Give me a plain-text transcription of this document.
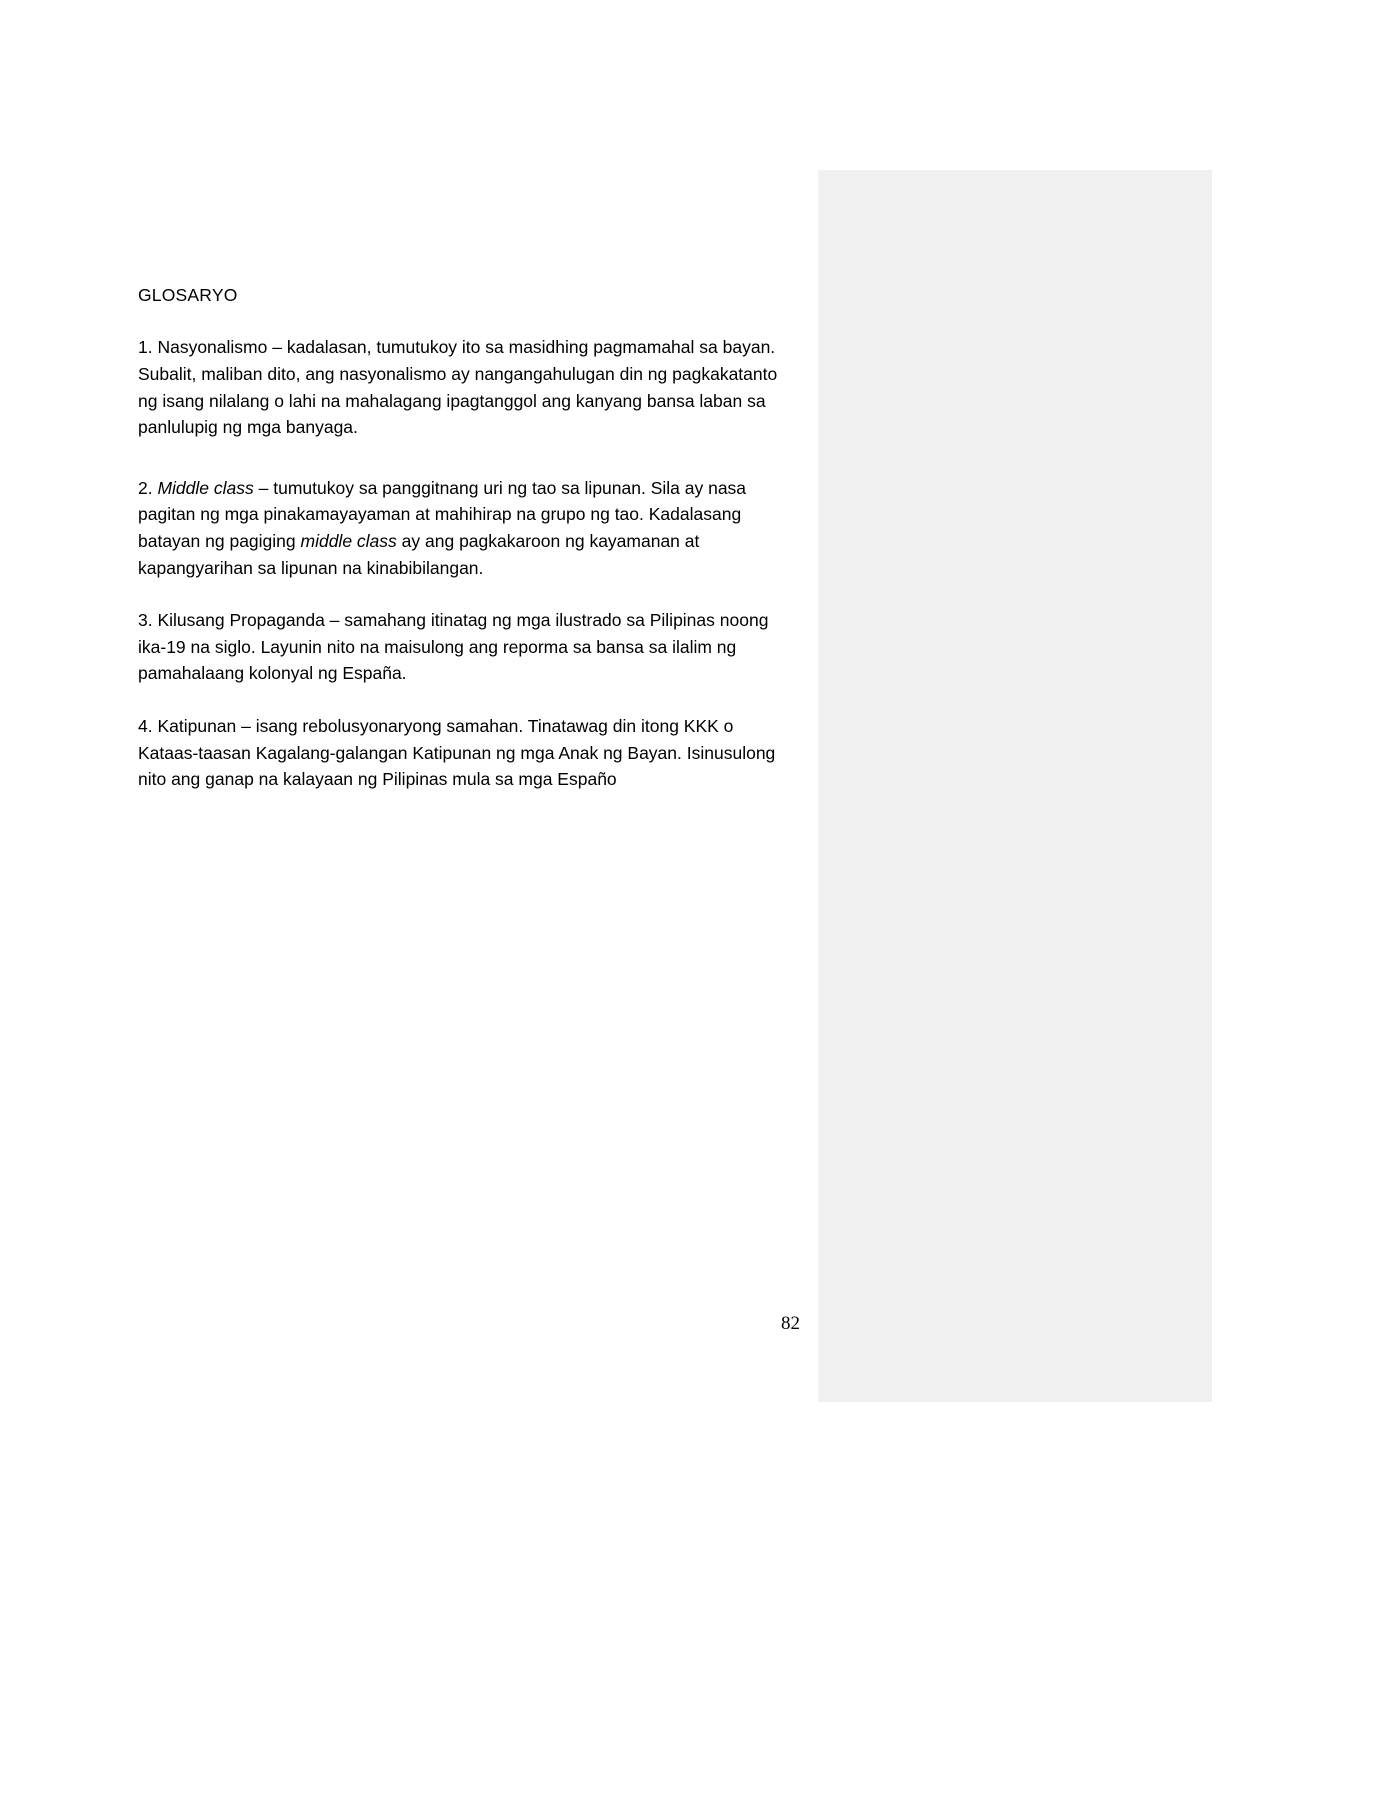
GLOSARYO

1. Nasyonalismo – kadalasan, tumutukoy ito sa masidhing pagmamahal sa bayan. Subalit, maliban dito, ang nasyonalismo ay nangangahulugan din ng pagkakatanto ng isang nilalang o lahi na mahalagang ipagtanggol ang kanyang bansa laban sa panlulupig ng mga banyaga.

2. Middle class – tumutukoy sa panggitnang uri ng tao sa lipunan. Sila ay nasa pagitan ng mga pinakamayayaman at mahihirap na grupo ng tao. Kadalasang batayan ng pagiging middle class ay ang pagkakaroon ng kayamanan at kapangyarihan sa lipunan na kinabibilangan.

3. Kilusang Propaganda – samahang itinatag ng mga ilustrado sa Pilipinas noong ika-19 na siglo. Layunin nito na maisulong ang reporma sa bansa sa ilalim ng pamahalaang kolonyal ng España.

4. Katipunan – isang rebolusyonaryong samahan. Tinatawag din itong KKK o Kataas-taasan Kagalang-galangan Katipunan ng mga Anak ng Bayan. Isinusulong nito ang ganap na kalayaan ng Pilipinas mula sa mga Españo

82
